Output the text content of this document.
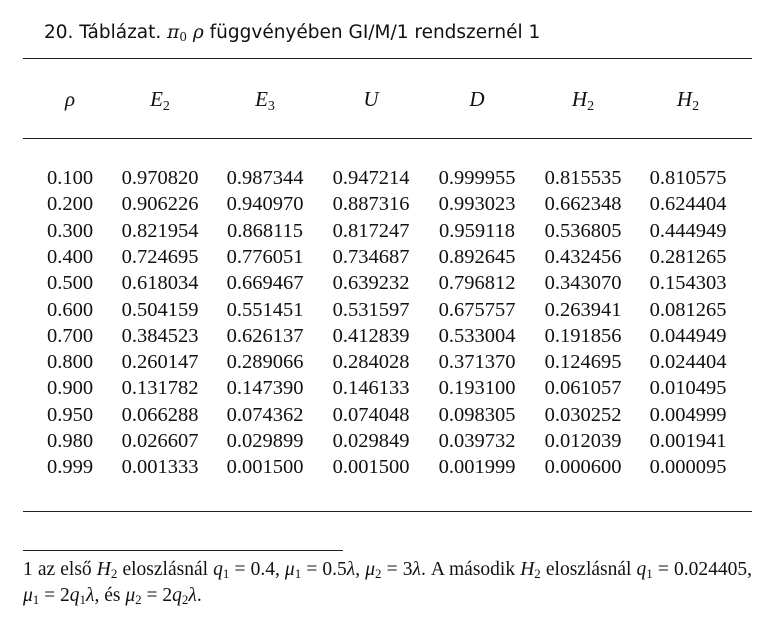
20. Táblázat. $\pi_0$ ρ függvényében GI/M/1 rendszernél 1
ρ	$E_2$	$E_3$	U	D	$H_2$	$H_2$
0.100	0.970820	0.987344	0.947214	0.999955	0.815535	0.810575
0.200	0.906226	0.940970	0.887316	0.993023	0.662348	0.624404
0.300	0.821954	0.868115	0.817247	0.959118	0.536805	0.444949
0.400	0.724695	0.776051	0.734687	0.892645	0.432456	0.281265
0.500	0.618034	0.669467	0.639232	0.796812	0.343070	0.154303
0.600	0.504159	0.551451	0.531597	0.675757	0.263941	0.081265
0.700	0.384523	0.626137	0.412839	0.533004	0.191856	0.044949
0.800	0.260147	0.289066	0.284028	0.371370	0.124695	0.024404
0.900	0.131782	0.147390	0.146133	0.193100	0.061057	0.010495
0.950	0.066288	0.074362	0.074048	0.098305	0.030252	0.004999
0.980	0.026607	0.029899	0.029849	0.039732	0.012039	0.001941
0.999	0.001333	0.001500	0.001500	0.001999	0.000600	0.000095
1 az első $H_2$ eloszlásnál $q_1 = 0.4$, $\mu_1 = 0.5\lambda$, $\mu_2 = 3\lambda$. A második $H_2$ eloszlásnál $q_1 = 0.024405$, $\mu_1 = 2q_1\lambda$, és $\mu_2 = 2q_2\lambda$.
